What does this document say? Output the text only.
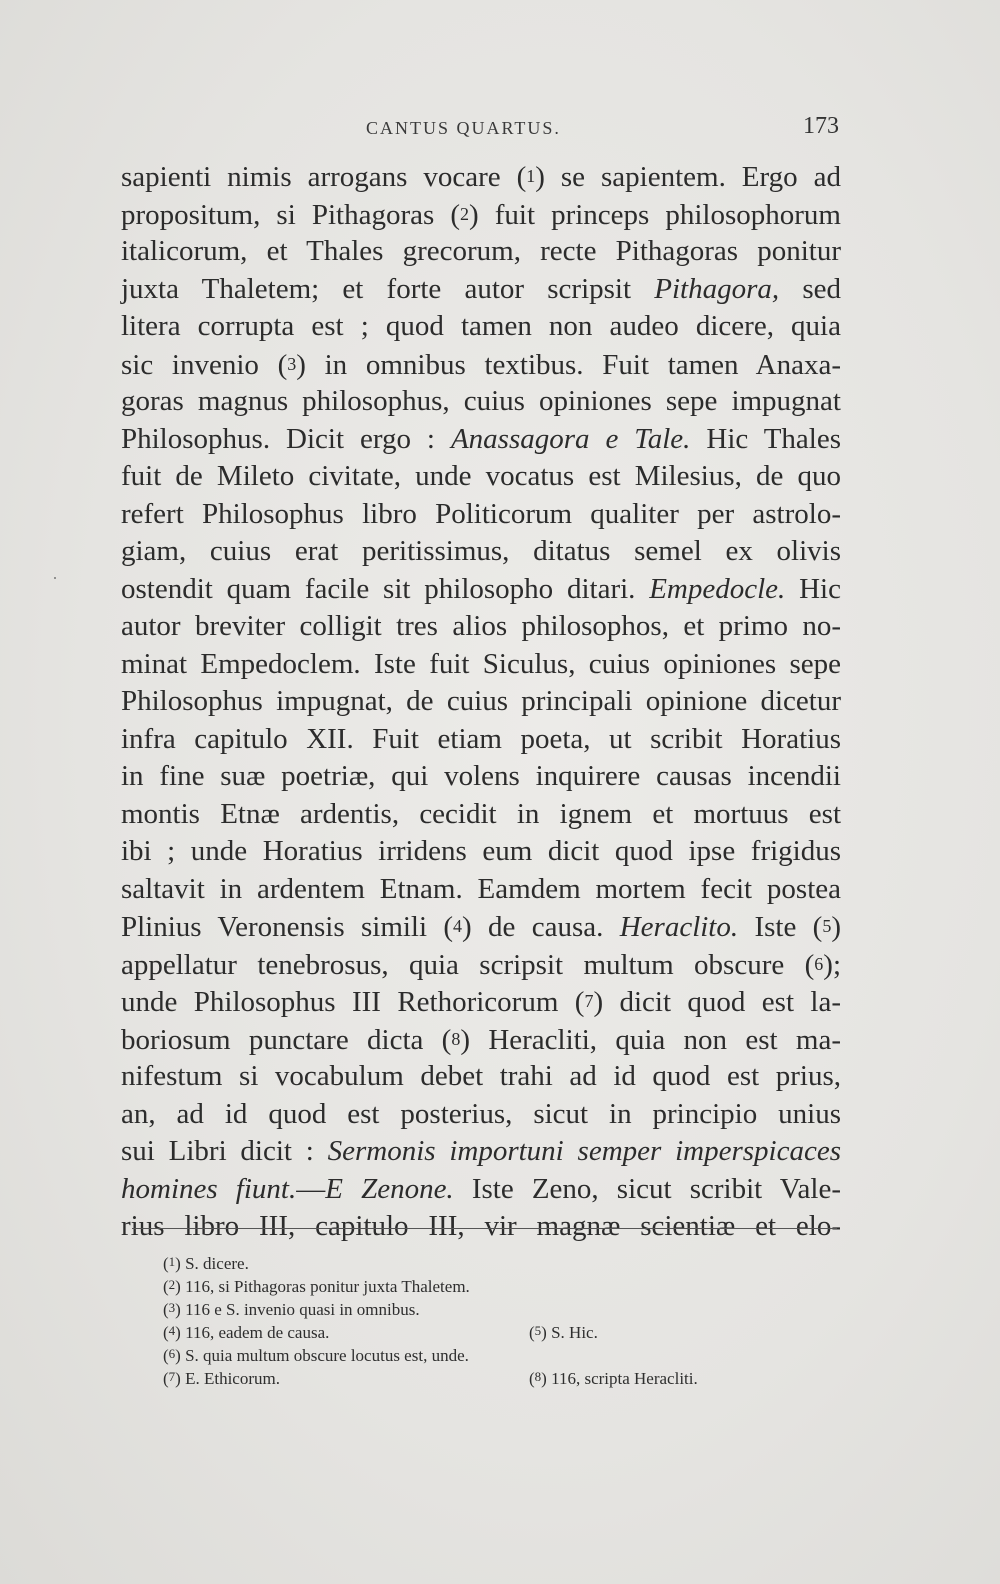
CANTUS QUARTUS.	173
sapienti nimis arrogans vocare (1) se sapientem. Ergo ad
propositum, si Pithagoras (2) fuit princeps philosophorum
italicorum, et Thales grecorum, recte Pithagoras ponitur
juxta Thaletem; et forte autor scripsit Pithagora, sed
litera corrupta est ; quod tamen non audeo dicere, quia
sic invenio (3) in omnibus textibus. Fuit tamen Anaxa-
goras magnus philosophus, cuius opiniones sepe impugnat
Philosophus. Dicit ergo : Anassagora e Tale. Hic Thales
fuit de Mileto civitate, unde vocatus est Milesius, de quo
refert Philosophus libro Politicorum qualiter per astrolo-
giam, cuius erat peritissimus, ditatus semel ex olivis
ostendit quam facile sit philosopho ditari. Empedocle. Hic
autor breviter colligit tres alios philosophos, et primo no-
minat Empedoclem. Iste fuit Siculus, cuius opiniones sepe
Philosophus impugnat, de cuius principali opinione dicetur
infra capitulo XII. Fuit etiam poeta, ut scribit Horatius
in fine suæ poetriæ, qui volens inquirere causas incendii
montis Etnæ ardentis, cecidit in ignem et mortuus est
ibi ; unde Horatius irridens eum dicit quod ipse frigidus
saltavit in ardentem Etnam. Eamdem mortem fecit postea
Plinius Veronensis simili (4) de causa. Heraclito. Iste (5)
appellatur tenebrosus, quia scripsit multum obscure (6);
unde Philosophus III Rethoricorum (7) dicit quod est la-
boriosum punctare dicta (8) Heracliti, quia non est ma-
nifestum si vocabulum debet trahi ad id quod est prius,
an, ad id quod est posterius, sicut in principio unius
sui Libri dicit : Sermonis importuni semper imperspicaces
homines fiunt.—E Zenone. Iste Zeno, sicut scribit Vale-
rius libro III, capitulo III, vir magnæ scientiæ et elo-
(1) S. dicere.
(2) 116, si Pithagoras ponitur juxta Thaletem.
(3) 116 e S. invenio quasi in omnibus.
(4) 116, eadem de causa.	(5) S. Hic.
(6) S. quia multum obscure locutus est, unde.
(7) E. Ethicorum.	(8) 116, scripta Heracliti.
